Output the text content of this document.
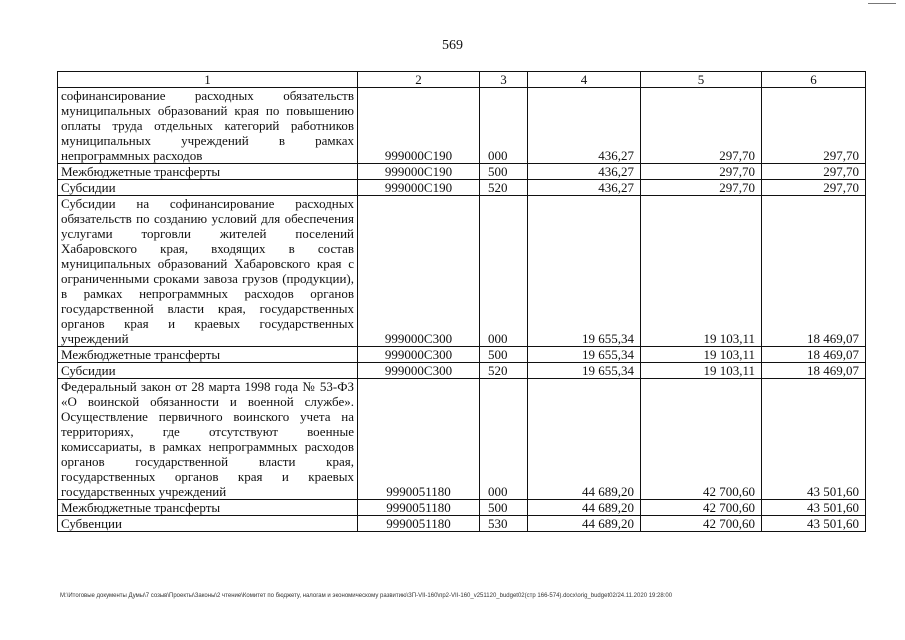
569
1	2	3	4	5	6
софинансирование расходных обязательств муниципальных образований края по повышению оплаты труда отдельных категорий работников муниципальных учреждений в рамках непрограммных расходов	999000С190	000	436,27	297,70	297,70
Межбюджетные трансферты	999000С190	500	436,27	297,70	297,70
Субсидии	999000С190	520	436,27	297,70	297,70
Субсидии на софинансирование расходных обязательств по созданию условий для обеспечения услугами торговли жителей поселений Хабаровского края, входящих в состав муниципальных образований Хабаровского края с ограниченными сроками завоза грузов (продукции), в рамках непрограммных расходов органов государственной власти края, государственных органов края и краевых государственных учреждений	999000С300	000	19 655,34	19 103,11	18 469,07
Межбюджетные трансферты	999000С300	500	19 655,34	19 103,11	18 469,07
Субсидии	999000С300	520	19 655,34	19 103,11	18 469,07
Федеральный закон от 28 марта 1998 года № 53-ФЗ «О воинской обязанности и военной службе». Осуществление первичного воинского учета на территориях, где отсутствуют военные комиссариаты, в рамках непрограммных расходов органов государственной власти края, государственных органов края и краевых государственных учреждений	9990051180	000	44 689,20	42 700,60	43 501,60
Межбюджетные трансферты	9990051180	500	44 689,20	42 700,60	43 501,60
Субвенции	9990051180	530	44 689,20	42 700,60	43 501,60
M:\Итоговые документы Думы\7 созыв\Проекты\Законы\2 чтение\Комитет по бюджету, налогам и экономическому развитию\ЗП-VII-160\пр2-VII-160_v251120_budget02(стр 166-574).docx\orig_budget02/24.11.2020 19:28:00
